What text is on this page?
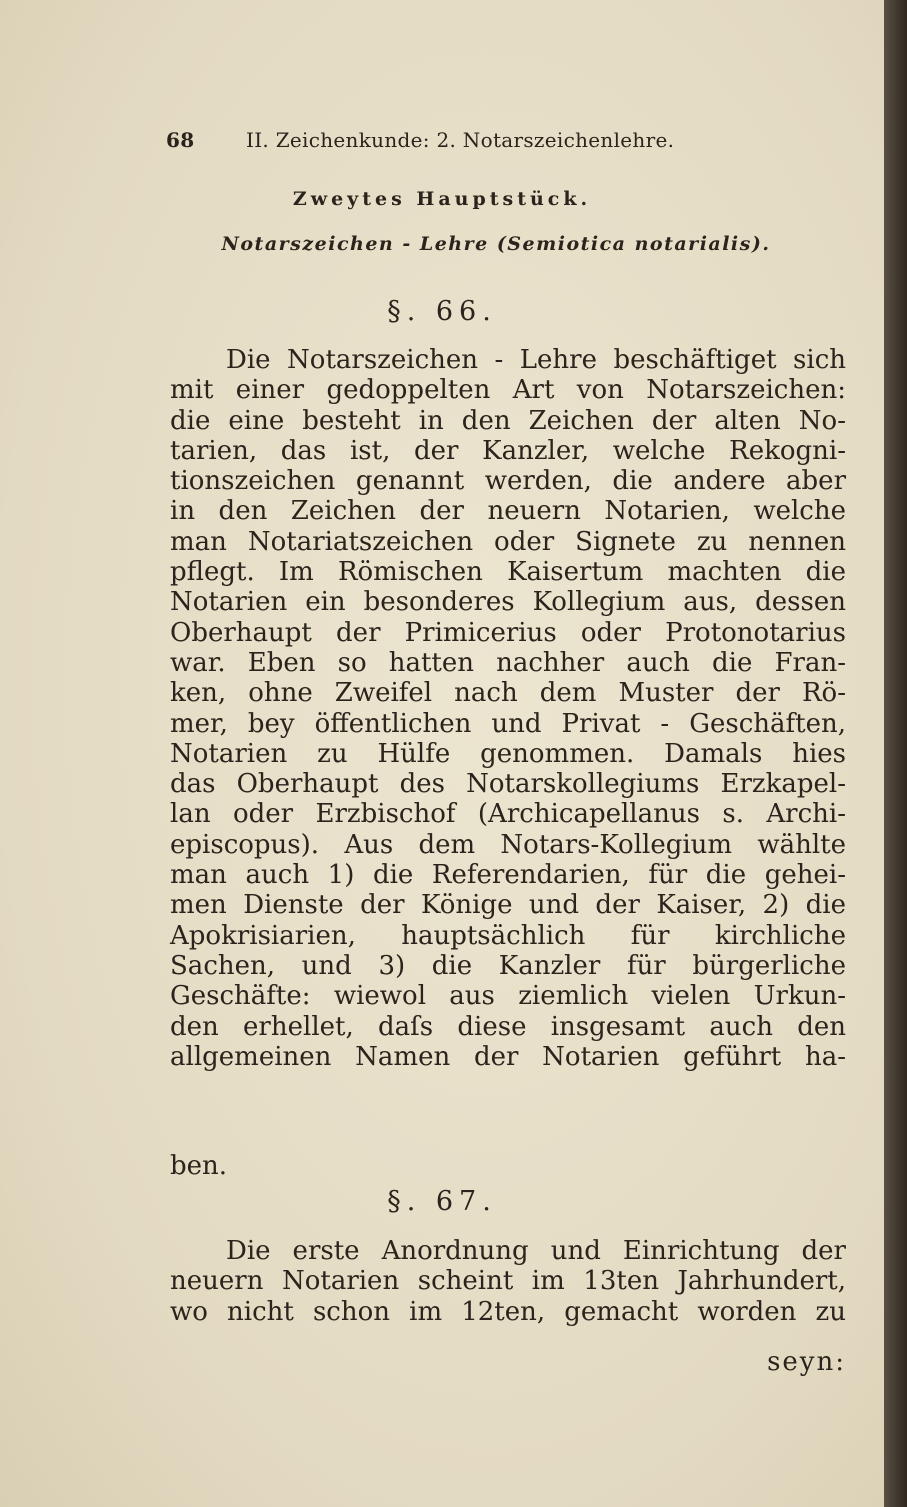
68	II. Zeichenkunde: 2. Notarszeichenlehre.
Zweytes Hauptstück.
Notarszeichen - Lehre (Semiotica notarialis).
§. 66.
Die Notarszeichen - Lehre beschäftiget sich
mit einer gedoppelten Art von Notarszeichen:
die eine besteht in den Zeichen der alten No-
tarien, das ist, der Kanzler, welche Rekogni-
tionszeichen genannt werden, die andere aber
in den Zeichen der neuern Notarien, welche
man Notariatszeichen oder Signete zu nennen
pflegt. Im Römischen Kaisertum machten die
Notarien ein besonderes Kollegium aus, dessen
Oberhaupt der Primicerius oder Protonotarius
war. Eben so hatten nachher auch die Fran-
ken, ohne Zweifel nach dem Muster der Rö-
mer, bey öffentlichen und Privat - Geschäften,
Notarien zu Hülfe genommen. Damals hies
das Oberhaupt des Notarskollegiums Erzkapel-
lan oder Erzbischof (Archicapellanus s. Archi-
episcopus). Aus dem Notars-Kollegium wählte
man auch 1) die Referendarien, für die gehei-
men Dienste der Könige und der Kaiser, 2) die
Apokrisiarien, hauptsächlich für kirchliche
Sachen, und 3) die Kanzler für bürgerliche
Geschäfte: wiewol aus ziemlich vielen Urkun-
den erhellet, daſs diese insgesamt auch den
allgemeinen Namen der Notarien geführt ha-
ben.
§. 67.
Die erste Anordnung und Einrichtung der
neuern Notarien scheint im 13ten Jahrhundert,
wo nicht schon im 12ten, gemacht worden zu
seyn:
